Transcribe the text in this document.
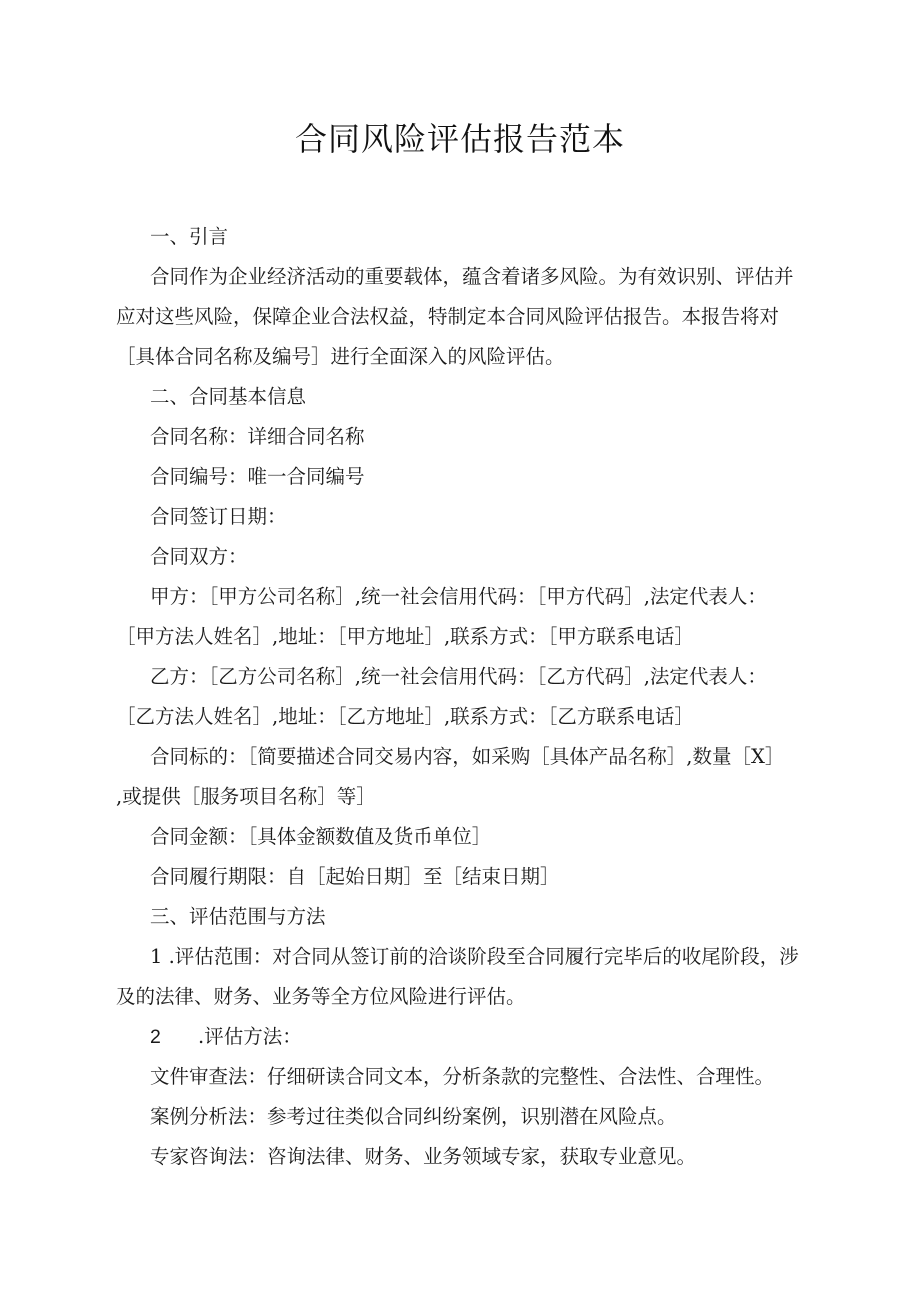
合同风险评估报告范本
一、引言
合同作为企业经济活动的重要载体，蕴含着诸多风险。为有效识别、评估并
应对这些风险，保障企业合法权益，特制定本合同风险评估报告。本报告将对
［具体合同名称及编号］进行全面深入的风险评估。
二、合同基本信息
合同名称：详细合同名称
合同编号：唯一合同编号
合同签订日期：
合同双方：
甲方：［甲方公司名称］,统一社会信用代码：［甲方代码］,法定代表人：
［甲方法人姓名］,地址：［甲方地址］,联系方式：［甲方联系电话］
乙方：［乙方公司名称］,统一社会信用代码：［乙方代码］,法定代表人：
［乙方法人姓名］,地址：［乙方地址］,联系方式：［乙方联系电话］
合同标的：［简要描述合同交易内容，如采购［具体产品名称］,数量［X］
,或提供［服务项目名称］等］
合同金额：［具体金额数值及货币单位］
合同履行期限：自［起始日期］至［结束日期］
三、评估范围与方法
1 .评估范围：对合同从签订前的洽谈阶段至合同履行完毕后的收尾阶段，涉
及的法律、财务、业务等全方位风险进行评估。
2 .评估方法：
文件审查法：仔细研读合同文本，分析条款的完整性、合法性、合理性。
案例分析法：参考过往类似合同纠纷案例，识别潜在风险点。
专家咨询法：咨询法律、财务、业务领域专家，获取专业意见。
